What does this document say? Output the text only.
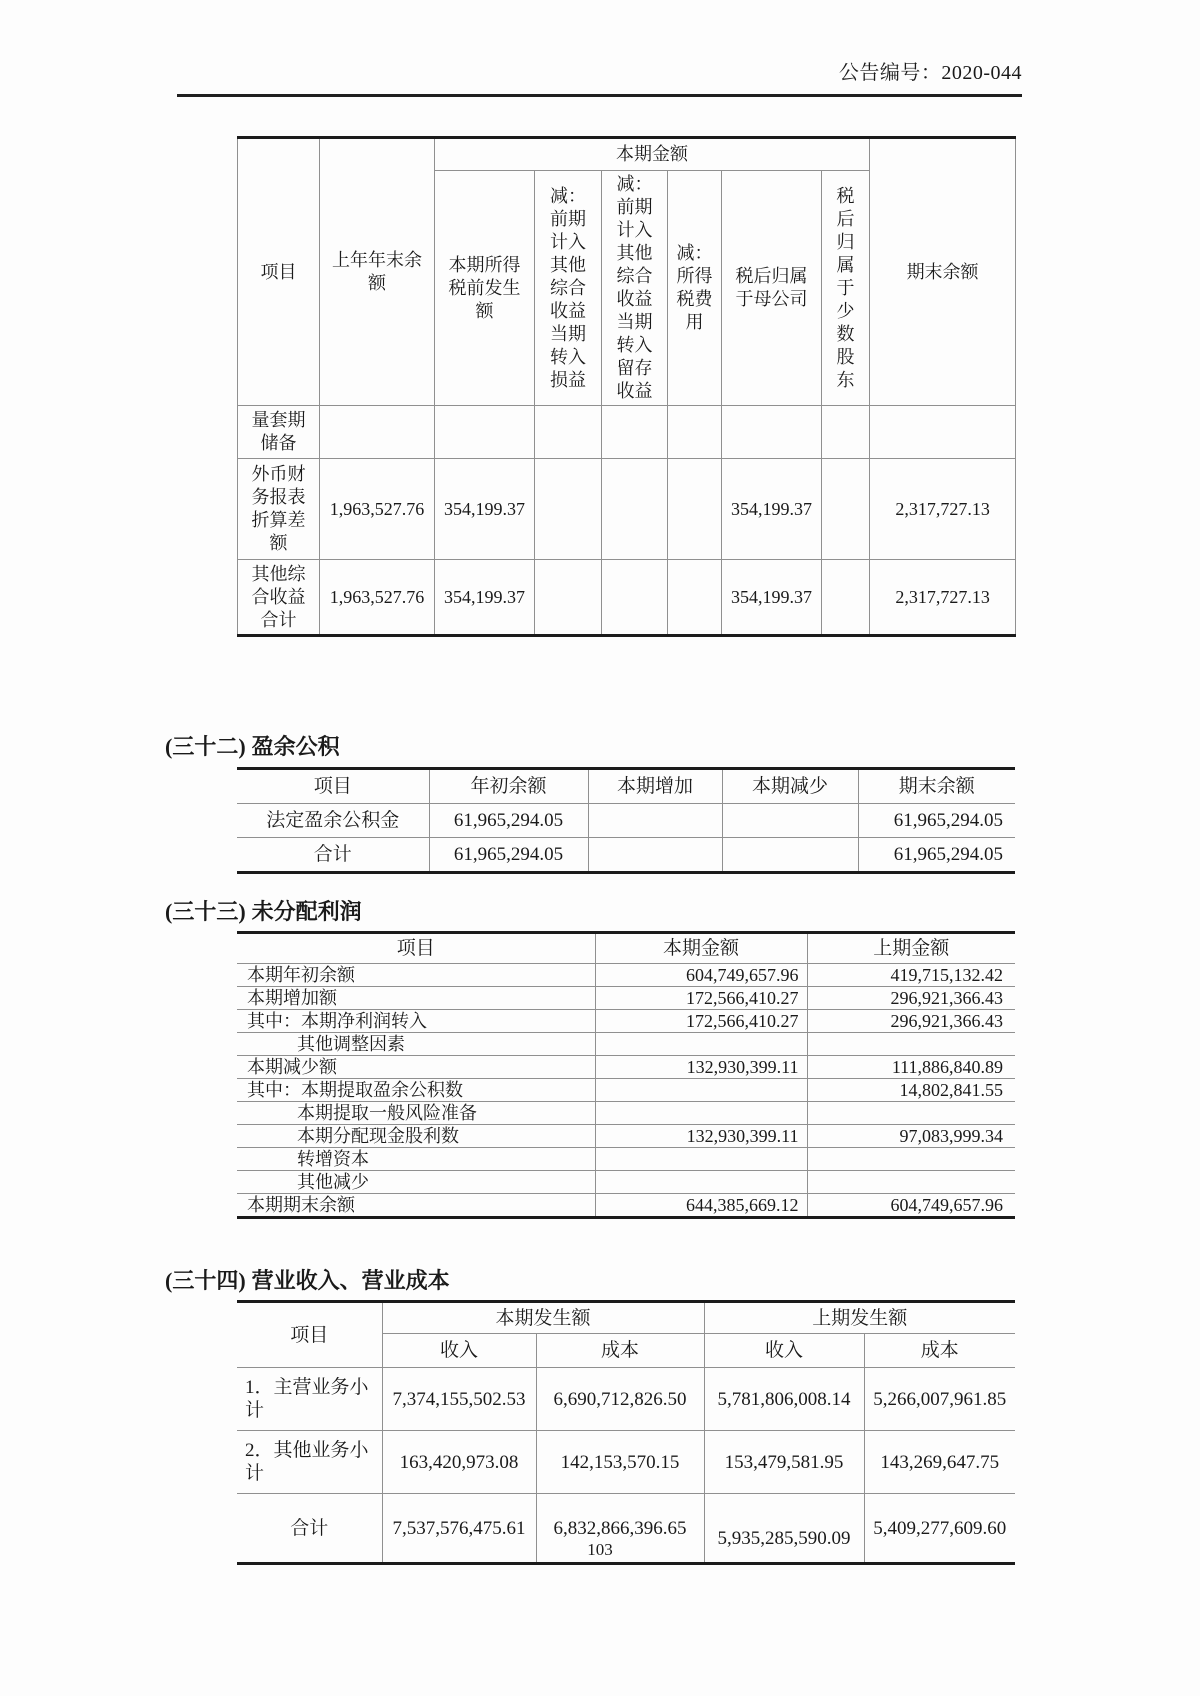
公告编号：2020-044
项目	上年年末余额	本期金额						期末余额
		本期所得税前发生额	减：前期计入其他综合收益当期转入损益	减：前期计入其他综合收益当期转入留存收益	减：所得税费用	税后归属于母公司	税后归属于少数股东	
量套期储备								
外币财务报表折算差额	1,963,527.76	354,199.37				354,199.37		2,317,727.13
其他综合收益合计	1,963,527.76	354,199.37				354,199.37		2,317,727.13
(三十二) 盈余公积
项目	年初余额	本期增加	本期减少	期末余额
法定盈余公积金	61,965,294.05			61,965,294.05
合计	61,965,294.05			61,965,294.05
(三十三) 未分配利润
项目	本期金额	上期金额
本期年初余额	604,749,657.96	419,715,132.42
本期增加额	172,566,410.27	296,921,366.43
其中：本期净利润转入	172,566,410.27	296,921,366.43
其他调整因素		
本期减少额	132,930,399.11	111,886,840.89
其中：本期提取盈余公积数		14,802,841.55
本期提取一般风险准备		
本期分配现金股利数	132,930,399.11	97,083,999.34
转增资本		
其他减少		
本期期末余额	644,385,669.12	604,749,657.96
(三十四) 营业收入、营业成本
项目	本期发生额		上期发生额	
	收入	成本	收入	成本
1．主营业务小计	7,374,155,502.53	6,690,712,826.50	5,781,806,008.14	5,266,007,961.85
2．其他业务小计	163,420,973.08	142,153,570.15	153,479,581.95	143,269,647.75
合计	7,537,576,475.61	6,832,866,396.65	5,935,285,590.09	5,409,277,609.60
103
